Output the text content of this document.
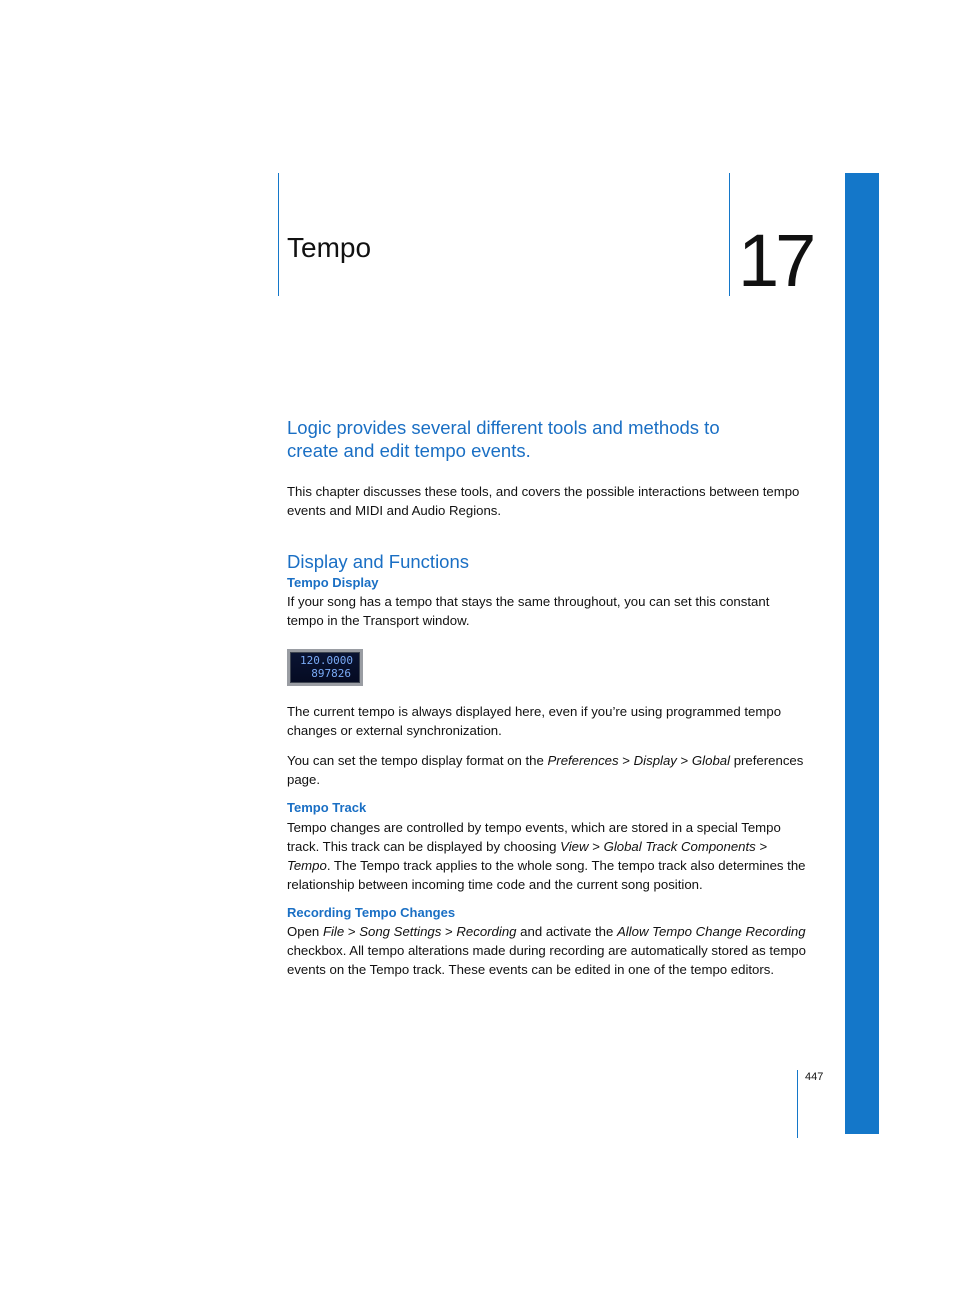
Tempo	17
Logic provides several different tools and methods to create and edit tempo events.

This chapter discusses these tools, and covers the possible interactions between tempo events and MIDI and Audio Regions.

Display and Functions
Tempo Display

If your song has a tempo that stays the same throughout, you can set this constant tempo in the Transport window.

120.0000
897826

The current tempo is always displayed here, even if you’re using programmed tempo changes or external synchronization.

You can set the tempo display format on the Preferences > Display > Global preferences page.

Tempo Track

Tempo changes are controlled by tempo events, which are stored in a special Tempo track. This track can be displayed by choosing View > Global Track Components > Tempo. The Tempo track applies to the whole song. The tempo track also determines the relationship between incoming time code and the current song position.

Recording Tempo Changes

Open File > Song Settings > Recording and activate the Allow Tempo Change Recording checkbox. All tempo alterations made during recording are automatically stored as tempo events on the Tempo track. These events can be edited in one of the tempo editors.

447
